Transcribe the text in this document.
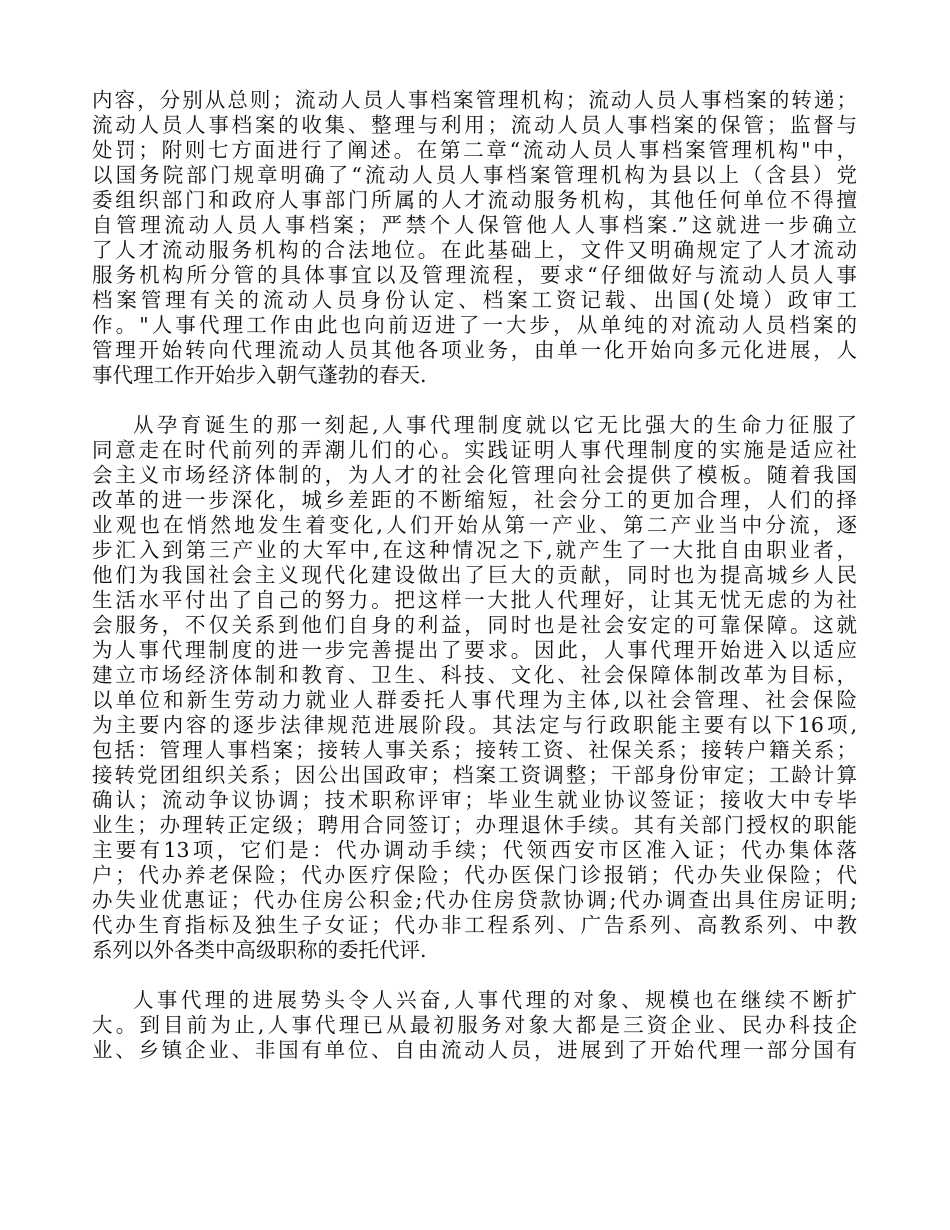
内容，分别从总则；流动人员人事档案管理机构；流动人员人事档案的转递；
流动人员人事档案的收集、整理与利用；流动人员人事档案的保管；监督与
处罚；附则七方面进行了阐述。在第二章“流动人员人事档案管理机构"中，
以国务院部门规章明确了“流动人员人事档案管理机构为县以上（含县）党
委组织部门和政府人事部门所属的人才流动服务机构，其他任何单位不得擅
自管理流动人员人事档案；严禁个人保管他人人事档案.”这就进一步确立
了人才流动服务机构的合法地位。在此基础上，文件又明确规定了人才流动
服务机构所分管的具体事宜以及管理流程，要求“仔细做好与流动人员人事
档案管理有关的流动人员身份认定、档案工资记载、出国(处境）政审工
作。"人事代理工作由此也向前迈进了一大步，从单纯的对流动人员档案的
管理开始转向代理流动人员其他各项业务，由单一化开始向多元化进展，人
事代理工作开始步入朝气蓬勃的春天.
从孕育诞生的那一刻起,人事代理制度就以它无比强大的生命力征服了
同意走在时代前列的弄潮儿们的心。实践证明人事代理制度的实施是适应社
会主义市场经济体制的，为人才的社会化管理向社会提供了模板。随着我国
改革的进一步深化，城乡差距的不断缩短，社会分工的更加合理，人们的择
业观也在悄然地发生着变化,人们开始从第一产业、第二产业当中分流，逐
步汇入到第三产业的大军中,在这种情况之下,就产生了一大批自由职业者，
他们为我国社会主义现代化建设做出了巨大的贡献，同时也为提高城乡人民
生活水平付出了自己的努力。把这样一大批人代理好，让其无忧无虑的为社
会服务，不仅关系到他们自身的利益，同时也是社会安定的可靠保障。这就
为人事代理制度的进一步完善提出了要求。因此，人事代理开始进入以适应
建立市场经济体制和教育、卫生、科技、文化、社会保障体制改革为目标，
以单位和新生劳动力就业人群委托人事代理为主体,以社会管理、社会保险
为主要内容的逐步法律规范进展阶段。其法定与行政职能主要有以下16项,
包括：管理人事档案；接转人事关系；接转工资、社保关系；接转户籍关系；
接转党团组织关系；因公出国政审；档案工资调整；干部身份审定；工龄计算
确认；流动争议协调；技术职称评审；毕业生就业协议签证；接收大中专毕
业生；办理转正定级；聘用合同签订；办理退休手续。其有关部门授权的职能
主要有13项，它们是：代办调动手续；代领西安市区准入证；代办集体落
户；代办养老保险；代办医疗保险；代办医保门诊报销；代办失业保险；代
办失业优惠证；代办住房公积金;代办住房贷款协调;代办调查出具住房证明;
代办生育指标及独生子女证；代办非工程系列、广告系列、高教系列、中教
系列以外各类中高级职称的委托代评.
人事代理的进展势头令人兴奋,人事代理的对象、规模也在继续不断扩
大。到目前为止,人事代理已从最初服务对象大都是三资企业、民办科技企
业、乡镇企业、非国有单位、自由流动人员，进展到了开始代理一部分国有
